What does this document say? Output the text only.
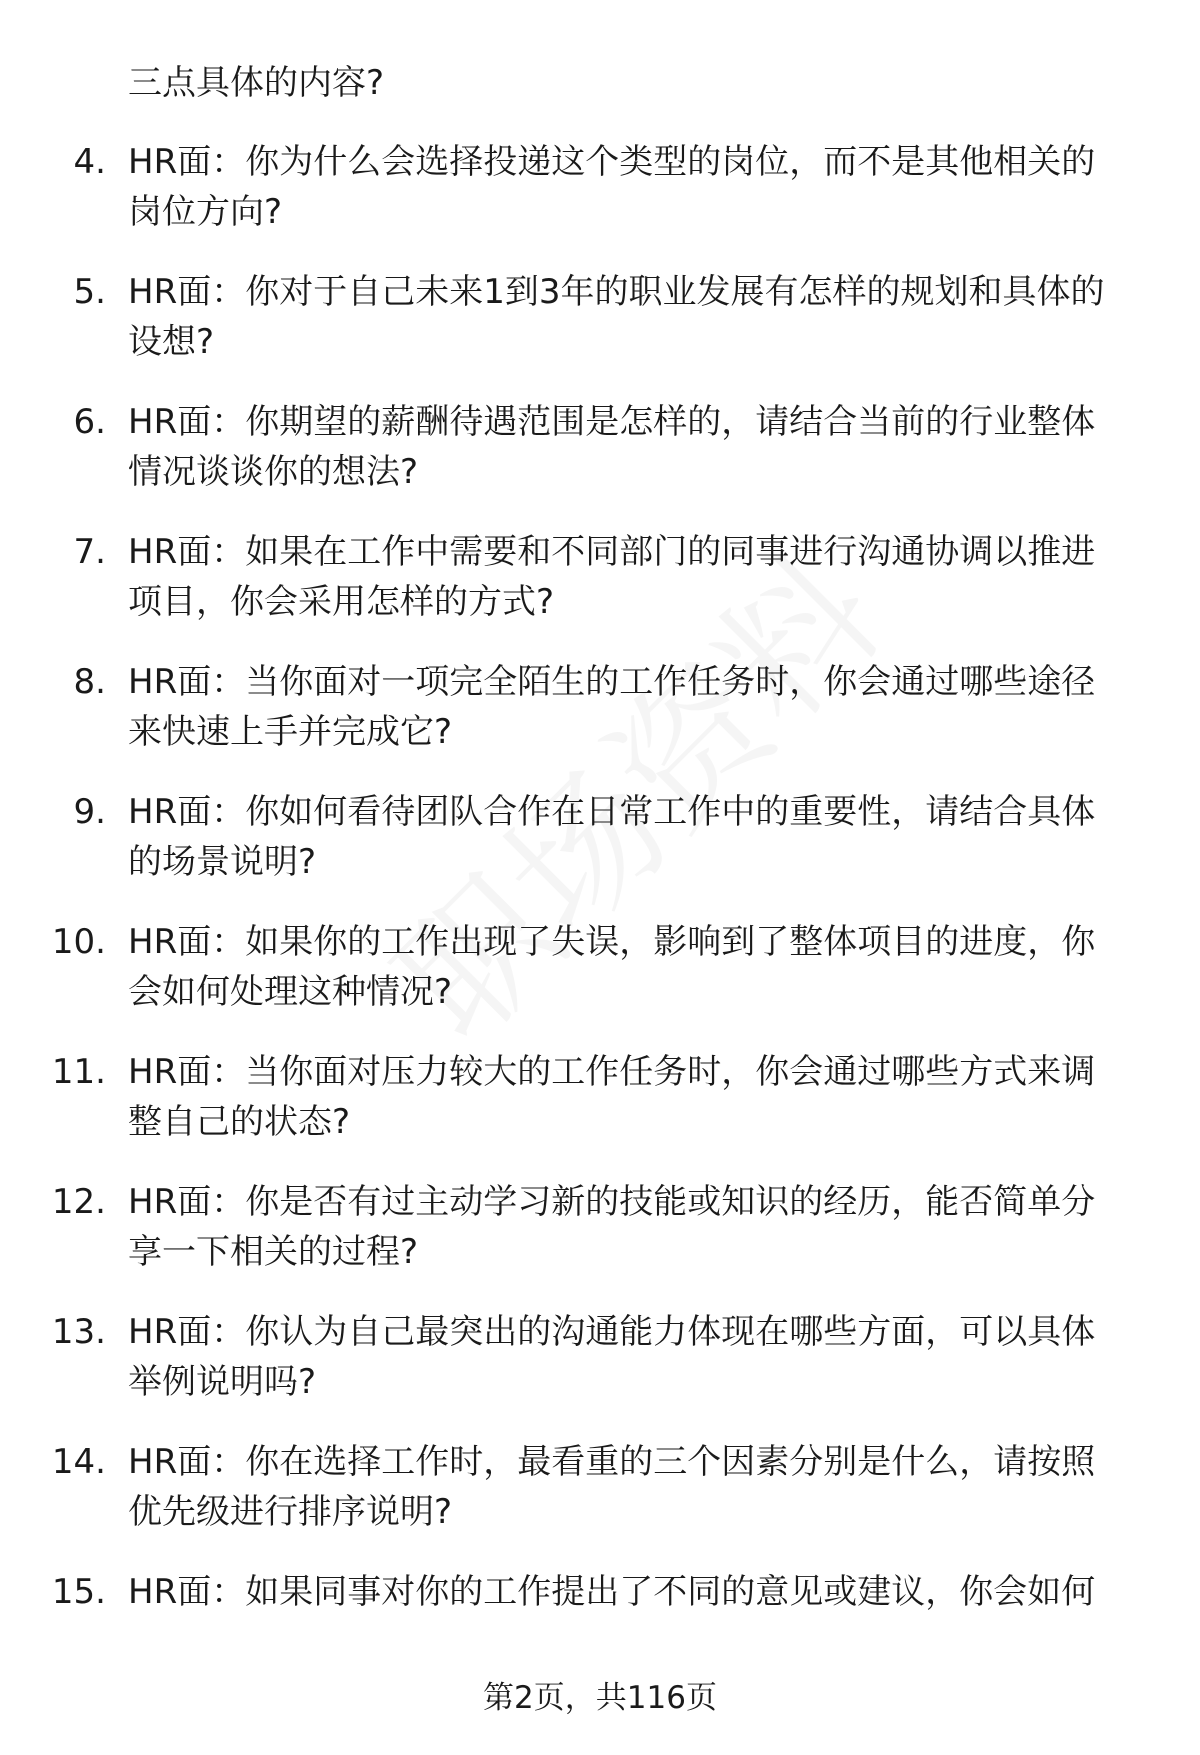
三点具体的内容?
4. HR面：你为什么会选择投递这个类型的岗位，而不是其他相关的
岗位方向?
5. HR面：你对于自己未来1到3年的职业发展有怎样的规划和具体的
设想?
6. HR面：你期望的薪酬待遇范围是怎样的，请结合当前的行业整体
情况谈谈你的想法?
7. HR面：如果在工作中需要和不同部门的同事进行沟通协调以推进
项目，你会采用怎样的方式?
8. HR面：当你面对一项完全陌生的工作任务时，你会通过哪些途径
来快速上手并完成它?
9. HR面：你如何看待团队合作在日常工作中的重要性，请结合具体
的场景说明?
10. HR面：如果你的工作出现了失误，影响到了整体项目的进度，你
会如何处理这种情况?
11. HR面：当你面对压力较大的工作任务时，你会通过哪些方式来调
整自己的状态?
12. HR面：你是否有过主动学习新的技能或知识的经历，能否简单分
享一下相关的过程?
13. HR面：你认为自己最突出的沟通能力体现在哪些方面，可以具体
举例说明吗?
14. HR面：你在选择工作时，最看重的三个因素分别是什么，请按照
优先级进行排序说明?
15. HR面：如果同事对你的工作提出了不同的意见或建议，你会如何
第2页，共116页
